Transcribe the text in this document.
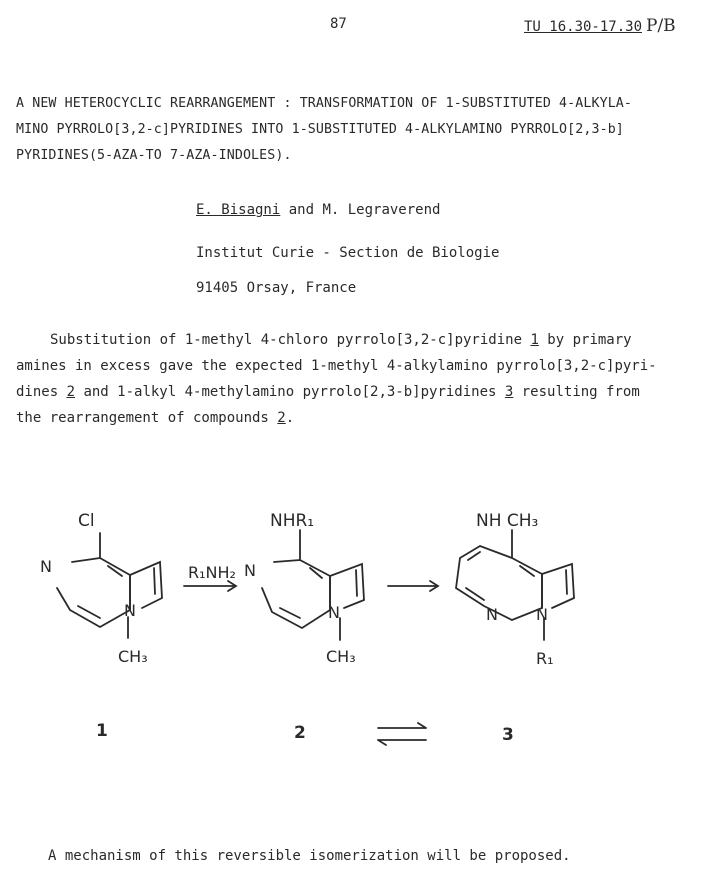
87	TU 16.30-17.30 P/B
A NEW HETEROCYCLIC REARRANGEMENT : TRANSFORMATION OF 1-SUBSTITUTED 4-ALKYLA-
MINO PYRROLO[3,2-c]PYRIDINES INTO 1-SUBSTITUTED 4-ALKYLAMINO PYRROLO[2,3-b]
PYRIDINES(5-AZA-TO 7-AZA-INDOLES).
E. Bisagni and M. Legraverend
Institut Curie - Section de Biologie
91405 Orsay, France
Substitution of 1-methyl 4-chloro pyrrolo[3,2-c]pyridine 1 by primary
amines in excess gave the expected 1-methyl 4-alkylamino pyrrolo[3,2-c]pyri-
dines 2 and 1-alkyl 4-methylamino pyrrolo[2,3-b]pyridines 3 resulting from
the rearrangement of compounds 2.
Cl
N
N
CH₃
R₁NH₂
NHR₁
N
N
CH₃
NH CH₃
N N
R₁
1	2	3
A mechanism of this reversible isomerization will be proposed.
